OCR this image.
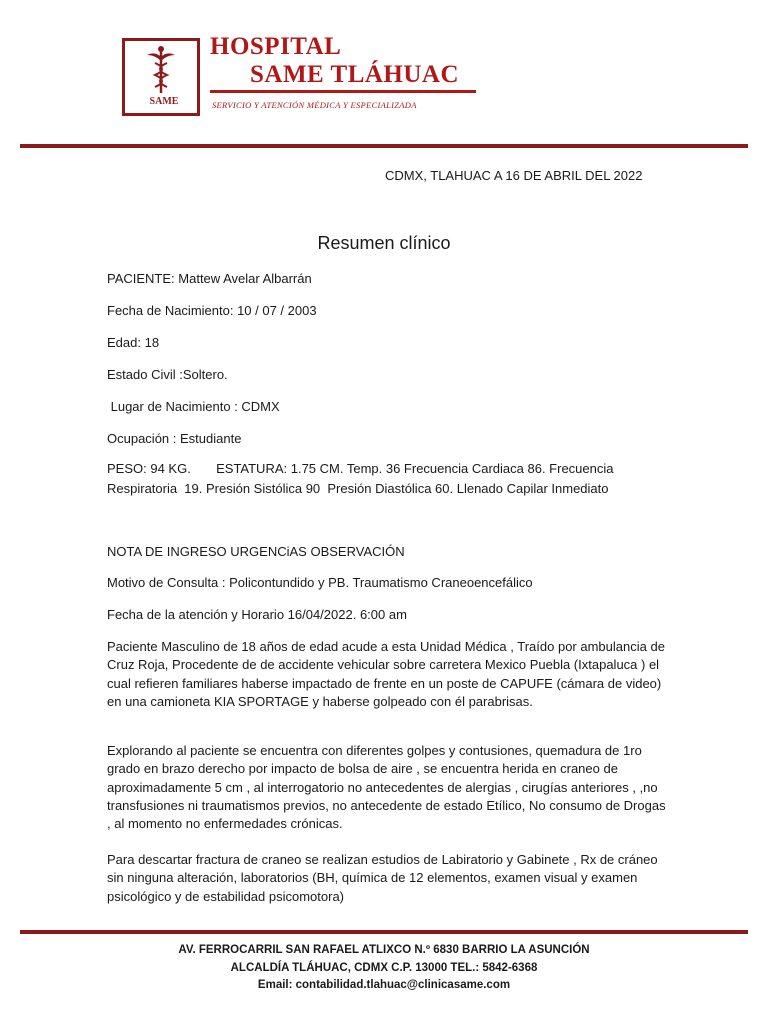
SAME
HOSPITAL
SAME TLÁHUAC
SERVICIO Y ATENCIÓN MÉDICA Y ESPECIALIZADA
CDMX, TLAHUAC A 16 DE ABRIL DEL 2022
Resumen clínico
PACIENTE: Mattew Avelar Albarrán
Fecha de Nacimiento: 10 / 07 / 2003
Edad: 18
Estado Civil :Soltero.
Lugar de Nacimiento : CDMX
Ocupación : Estudiante
PESO: 94 KG.       ESTATURA: 1.75 CM. Temp. 36 Frecuencia Cardiaca 86. Frecuencia
Respiratoria  19. Presión Sistólica 90  Presión Diastólica 60. Llenado Capilar Inmediato
NOTA DE INGRESO URGENCiAS OBSERVACIÓN
Motivo de Consulta : Policontundido y PB. Traumatismo Craneoencefálico
Fecha de la atención y Horario 16/04/2022. 6:00 am
Paciente Masculino de 18 años de edad acude a esta Unidad Médica , Traído por ambulancia de Cruz Roja, Procedente de de accidente vehicular sobre carretera Mexico Puebla (Ixtapaluca ) el cual refieren familiares haberse impactado de frente en un poste de CAPUFE (cámara de video) en una camioneta KIA SPORTAGE y haberse golpeado con él parabrisas.
Explorando al paciente se encuentra con diferentes golpes y contusiones, quemadura de 1ro grado en brazo derecho por impacto de bolsa de aire , se encuentra herida en craneo de aproximadamente 5 cm , al interrogatorio no antecedentes de alergias , cirugías anteriores , ,no transfusiones ni traumatismos previos, no antecedente de estado Etílico, No consumo de Drogas , al momento no enfermedades crónicas.
Para descartar fractura de craneo se realizan estudios de Labiratorio y Gabinete , Rx de cráneo sin ninguna alteración, laboratorios (BH, química de 12 elementos, examen visual y examen psicológico y de estabilidad psicomotora)
AV. FERROCARRIL SAN RAFAEL ATLIXCO N.º 6830 BARRIO LA ASUNCIÓN
ALCALDÍA TLÁHUAC, CDMX C.P. 13000 TEL.: 5842-6368
Email: contabilidad.tlahuac@clinicasame.com
